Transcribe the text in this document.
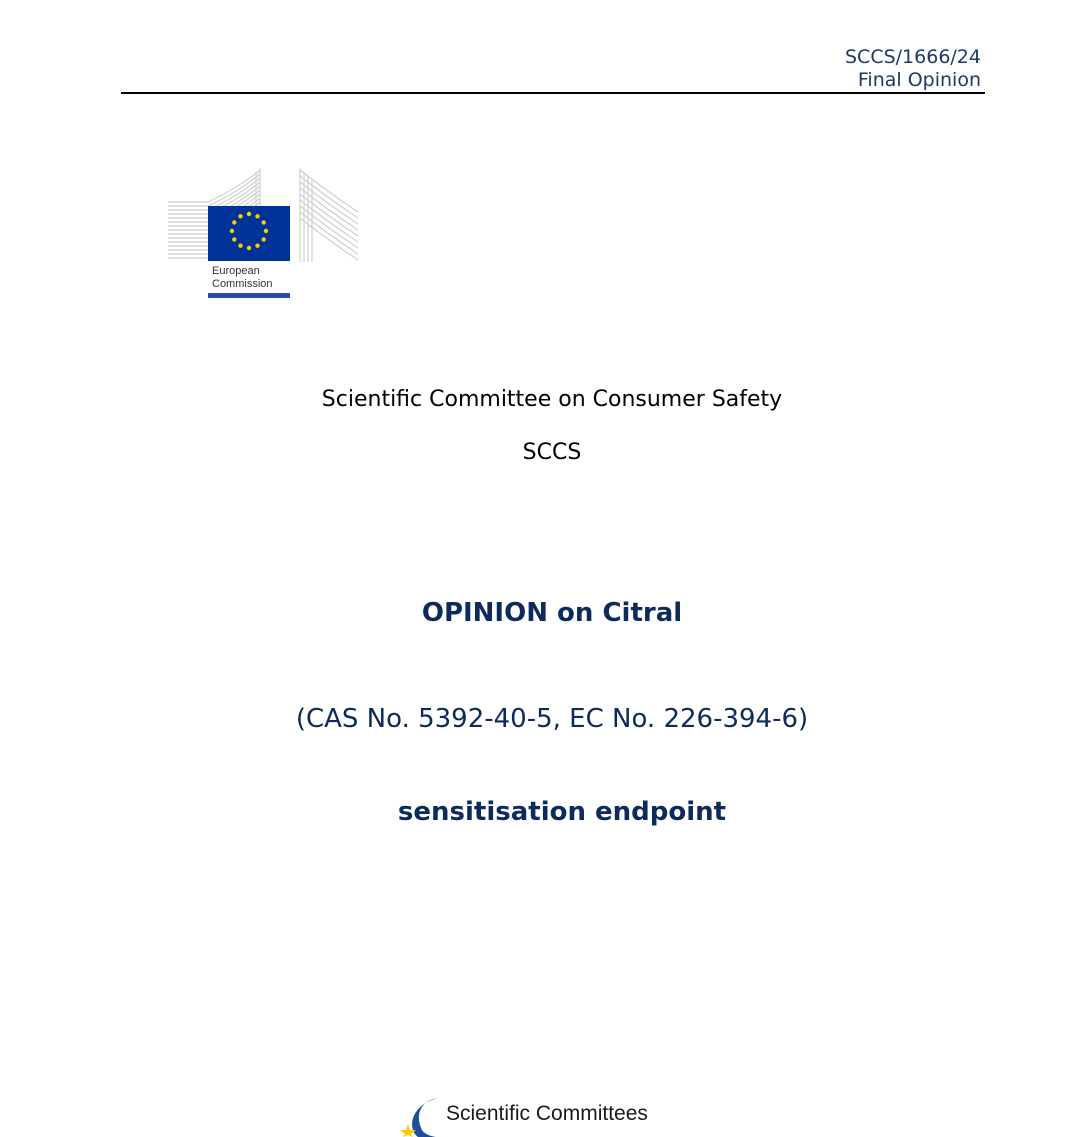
SCCS/1666/24
Final Opinion
European
Commission
Scientific Committee on Consumer Safety
SCCS
OPINION on Citral
(CAS No. 5392-40-5, EC No. 226-394-6)
sensitisation endpoint
Scientific Committees
